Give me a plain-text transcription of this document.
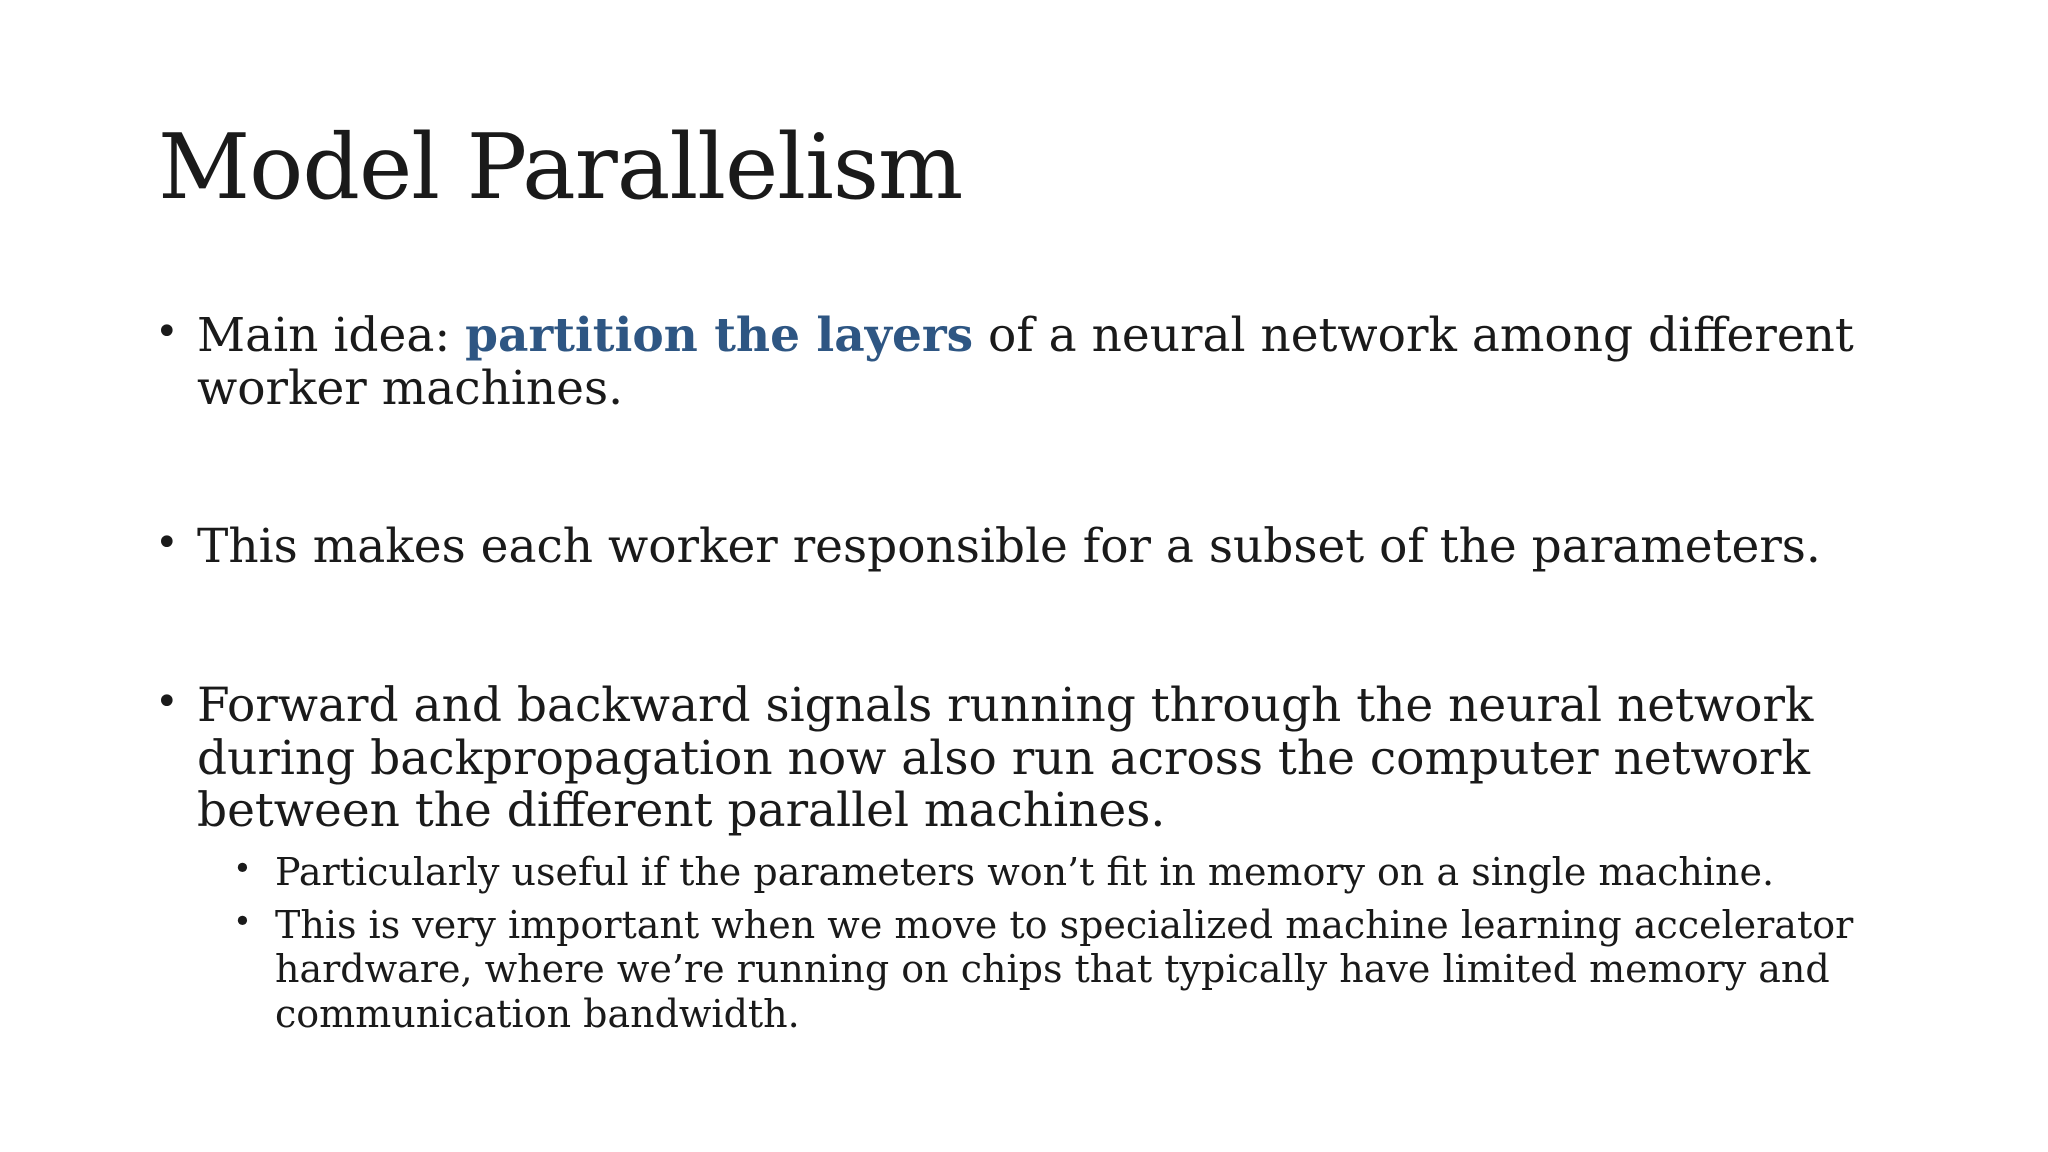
Model Parallelism
• Main idea: partition the layers of a neural network among different worker machines.
• This makes each worker responsible for a subset of the parameters.
• Forward and backward signals running through the neural network during backpropagation now also run across the computer network between the different parallel machines.
• Particularly useful if the parameters won’t fit in memory on a single machine.
• This is very important when we move to specialized machine learning accelerator hardware, where we’re running on chips that typically have limited memory and communication bandwidth.
